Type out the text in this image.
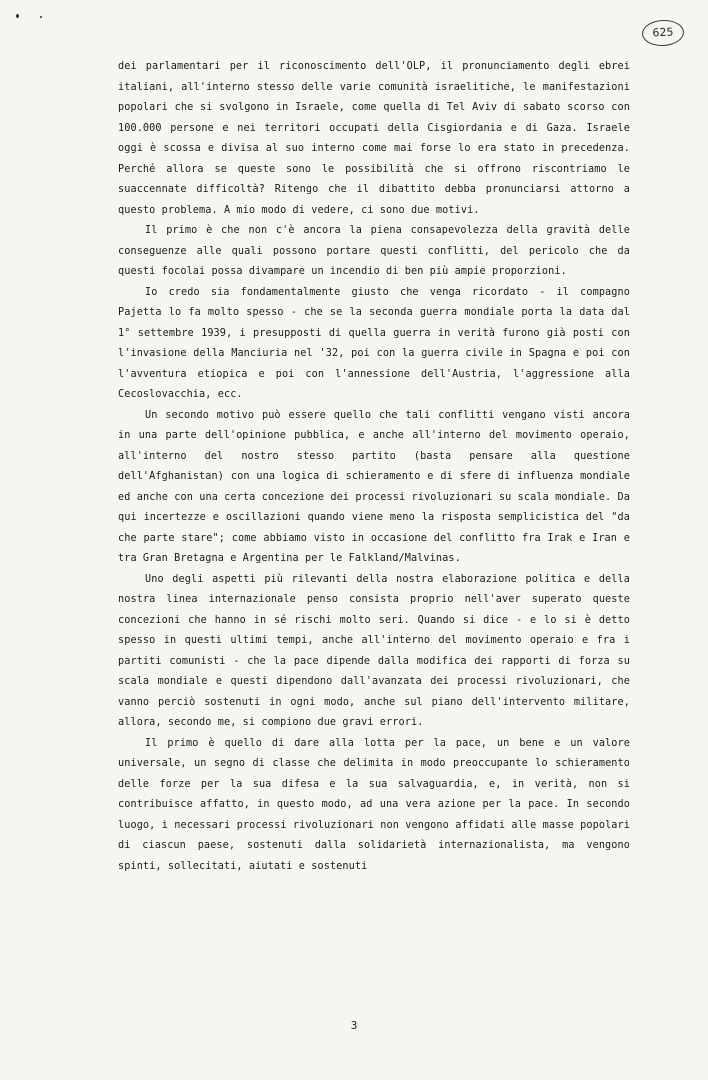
625

dei parlamentari per il riconoscimento dell'OLP, il pronunciamento degli ebrei italiani, all'interno stesso delle varie comunità israelitiche, le manifestazioni popolari che si svolgono in Israele, come quella di Tel Aviv di sabato scorso con 100.000 persone e nei territori occupati della Cisgiordania e di Gaza. Israele oggi è scossa e divisa al suo interno come mai forse lo era stato in precedenza. Perché allora se queste sono le possibilità che si offrono riscontriamo le suaccennate difficoltà? Ritengo che il dibattito debba pronunciarsi attorno a questo problema. A mio modo di vedere, ci sono due motivi.

Il primo è che non c'è ancora la piena consapevolezza della gravità delle conseguenze alle quali possono portare questi conflitti, del pericolo che da questi focolai possa divampare un incendio di ben più ampie proporzioni.

Io credo sia fondamentalmente giusto che venga ricordato - il compagno Pajetta lo fa molto spesso - che se la seconda guerra mondiale porta la data dal 1° settembre 1939, i presupposti di quella guerra in verità furono già posti con l'invasione della Manciuria nel '32, poi con la guerra civile in Spagna e poi con l'avventura etiopica e poi con l'annessione dell'Austria, l'aggressione alla Cecoslovacchia, ecc.

Un secondo motivo può essere quello che tali conflitti vengano visti ancora in una parte dell'opinione pubblica, e anche all'interno del movimento operaio, all'interno del nostro stesso partito (basta pensare alla questione dell'Afghanistan) con una logica di schieramento e di sfere di influenza mondiale ed anche con una certa concezione dei processi rivoluzionari su scala mondiale. Da qui incertezze e oscillazioni quando viene meno la risposta semplicistica del "da che parte stare"; come abbiamo visto in occasione del conflitto fra Irak e Iran e tra Gran Bretagna e Argentina per le Falkland/Malvinas.

Uno degli aspetti più rilevanti della nostra elaborazione politica e della nostra linea internazionale penso consista proprio nell'aver superato queste concezioni che hanno in sé rischi molto seri. Quando si dice - e lo si è detto spesso in questi ultimi tempi, anche all'interno del movimento operaio e fra i partiti comunisti - che la pace dipende dalla modifica dei rapporti di forza su scala mondiale e questi dipendono dall'avanzata dei processi rivoluzionari, che vanno perciò sostenuti in ogni modo, anche sul piano dell'intervento militare, allora, secondo me, si compiono due gravi errori.

Il primo è quello di dare alla lotta per la pace, un bene e un valore universale, un segno di classe che delimita in modo preoccupante lo schieramento delle forze per la sua difesa e la sua salvaguardia, e, in verità, non si contribuisce affatto, in questo modo, ad una vera azione per la pace. In secondo luogo, i necessari processi rivoluzionari non vengono affidati alle masse popolari di ciascun paese, sostenuti dalla solidarietà internazionalista, ma vengono spinti, sollecitati, aiutati e sostenuti

3
